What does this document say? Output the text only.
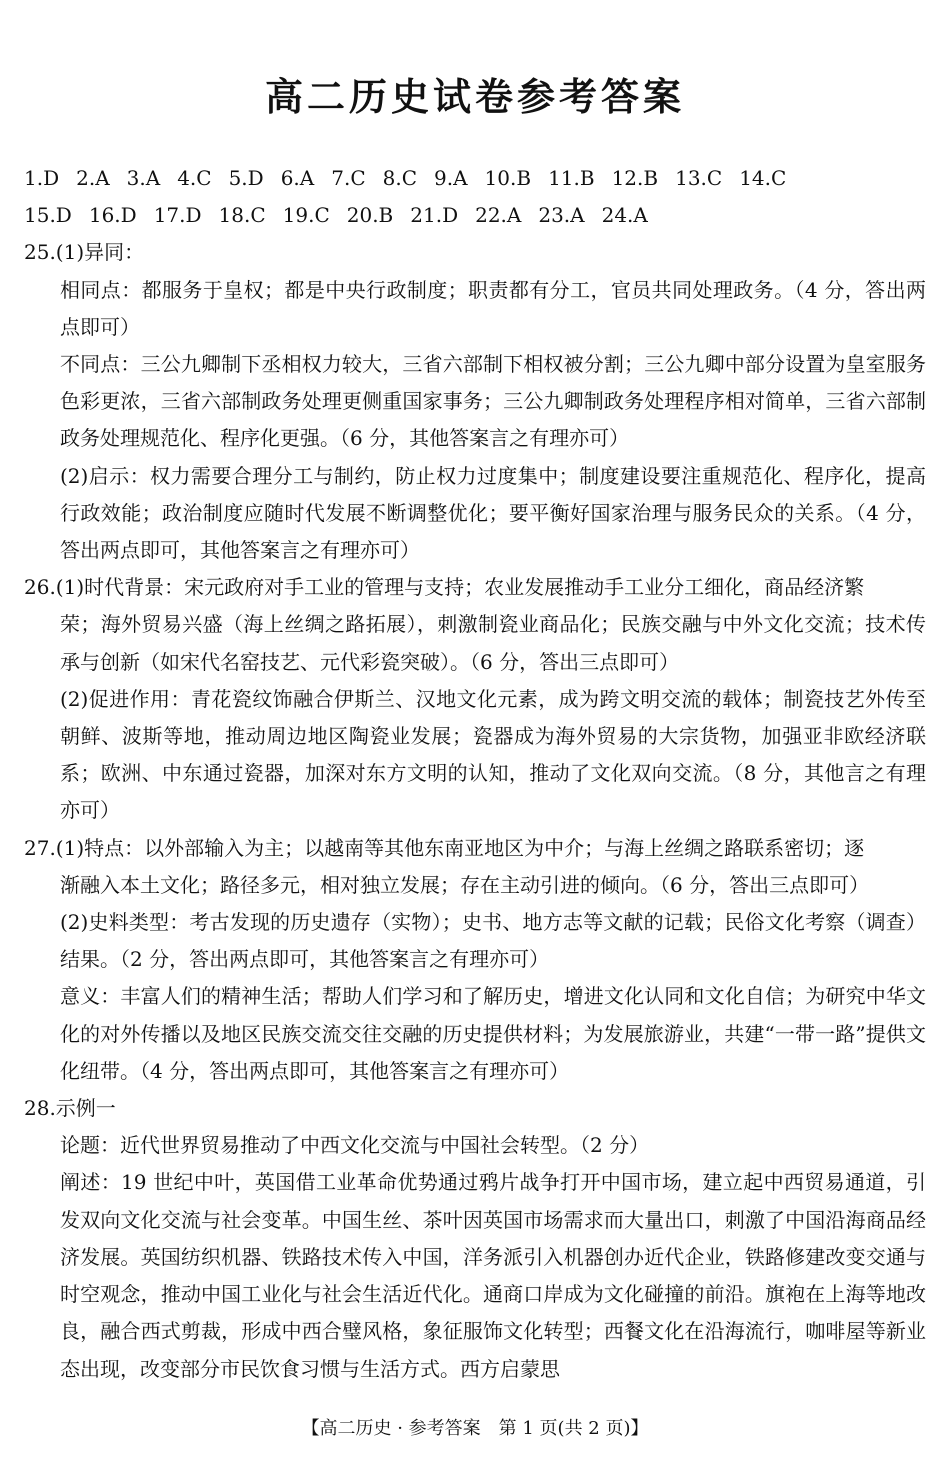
高二历史试卷参考答案
1.D 2.A 3.A 4.C 5.D 6.A 7.C 8.C 9.A 10.B 11.B 12.B 13.C 14.C
15.D 16.D 17.D 18.C 19.C 20.B 21.D 22.A 23.A 24.A
25.(1)异同：
相同点：都服务于皇权；都是中央行政制度；职责都有分工，官员共同处理政务。（4 分，答出两点即可）
不同点：三公九卿制下丞相权力较大，三省六部制下相权被分割；三公九卿中部分设置为皇室服务色彩更浓，三省六部制政务处理更侧重国家事务；三公九卿制政务处理程序相对简单，三省六部制政务处理规范化、程序化更强。（6 分，其他答案言之有理亦可）
(2)启示：权力需要合理分工与制约，防止权力过度集中；制度建设要注重规范化、程序化，提高行政效能；政治制度应随时代发展不断调整优化；要平衡好国家治理与服务民众的关系。（4 分，答出两点即可，其他答案言之有理亦可）
26.(1)时代背景：宋元政府对手工业的管理与支持；农业发展推动手工业分工细化，商品经济繁
荣；海外贸易兴盛（海上丝绸之路拓展），刺激制瓷业商品化；民族交融与中外文化交流；技术传承与创新（如宋代名窑技艺、元代彩瓷突破）。（6 分，答出三点即可）
(2)促进作用：青花瓷纹饰融合伊斯兰、汉地文化元素，成为跨文明交流的载体；制瓷技艺外传至朝鲜、波斯等地，推动周边地区陶瓷业发展；瓷器成为海外贸易的大宗货物，加强亚非欧经济联系；欧洲、中东通过瓷器，加深对东方文明的认知，推动了文化双向交流。（8 分，其他言之有理亦可）
27.(1)特点：以外部输入为主；以越南等其他东南亚地区为中介；与海上丝绸之路联系密切；逐
渐融入本土文化；路径多元，相对独立发展；存在主动引进的倾向。（6 分，答出三点即可）
(2)史料类型：考古发现的历史遗存（实物）；史书、地方志等文献的记载；民俗文化考察（调查）结果。（2 分，答出两点即可，其他答案言之有理亦可）
意义：丰富人们的精神生活；帮助人们学习和了解历史，增进文化认同和文化自信；为研究中华文化的对外传播以及地区民族交流交往交融的历史提供材料；为发展旅游业，共建“一带一路”提供文化纽带。（4 分，答出两点即可，其他答案言之有理亦可）
28.示例一
论题：近代世界贸易推动了中西文化交流与中国社会转型。（2 分）
阐述：19 世纪中叶，英国借工业革命优势通过鸦片战争打开中国市场，建立起中西贸易通道，引发双向文化交流与社会变革。中国生丝、茶叶因英国市场需求而大量出口，刺激了中国沿海商品经济发展。英国纺织机器、铁路技术传入中国，洋务派引入机器创办近代企业，铁路修建改变交通与时空观念，推动中国工业化与社会生活近代化。通商口岸成为文化碰撞的前沿。旗袍在上海等地改良，融合西式剪裁，形成中西合璧风格，象征服饰文化转型；西餐文化在沿海流行，咖啡屋等新业态出现，改变部分市民饮食习惯与生活方式。西方启蒙思
【高二历史 · 参考答案　第 1 页(共 2 页)】
